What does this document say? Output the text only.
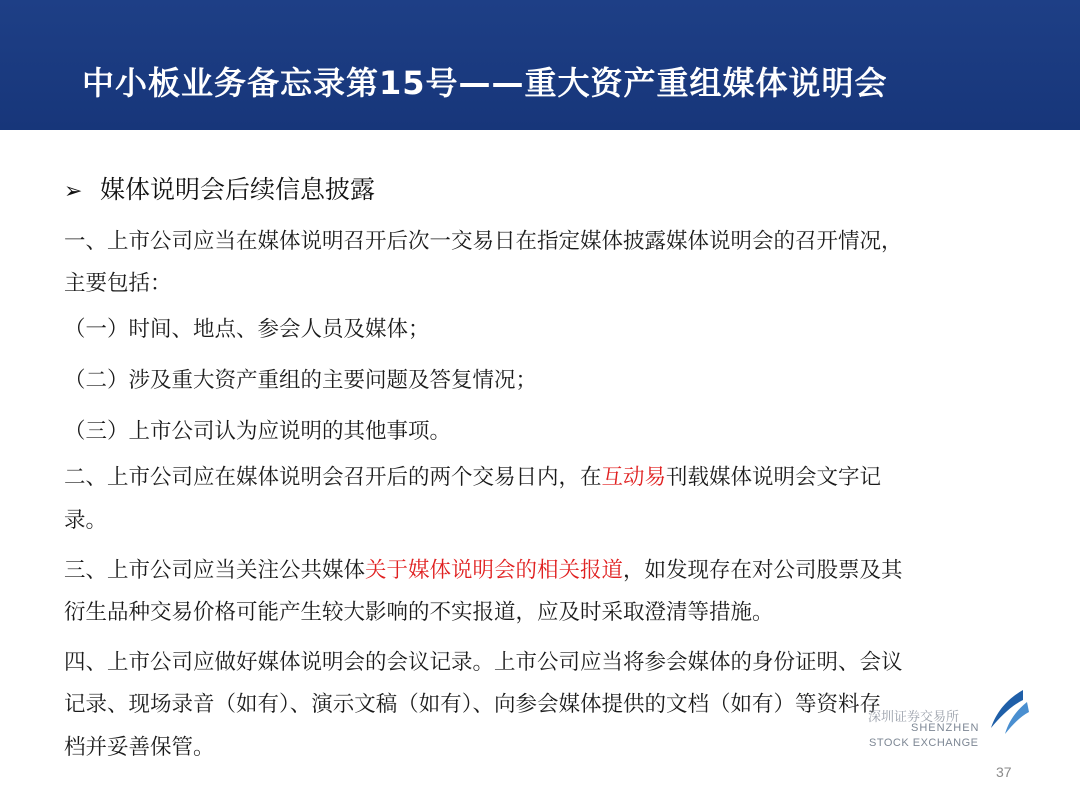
中小板业务备忘录第15号——重大资产重组媒体说明会
➢ 媒体说明会后续信息披露
一、上市公司应当在媒体说明召开后次一交易日在指定媒体披露媒体说明会的召开情况，
主要包括：
（一）时间、地点、参会人员及媒体；
（二）涉及重大资产重组的主要问题及答复情况；
（三）上市公司认为应说明的其他事项。
二、上市公司应在媒体说明会召开后的两个交易日内，在互动易刊载媒体说明会文字记
录。
三、上市公司应当关注公共媒体关于媒体说明会的相关报道，如发现存在对公司股票及其
衍生品种交易价格可能产生较大影响的不实报道，应及时采取澄清等措施。
四、上市公司应做好媒体说明会的会议记录。上市公司应当将参会媒体的身份证明、会议
记录、现场录音（如有）、演示文稿（如有）、向参会媒体提供的文档（如有）等资料存
档并妥善保管。
深圳证券交易所
SHENZHEN
STOCK EXCHANGE
37
